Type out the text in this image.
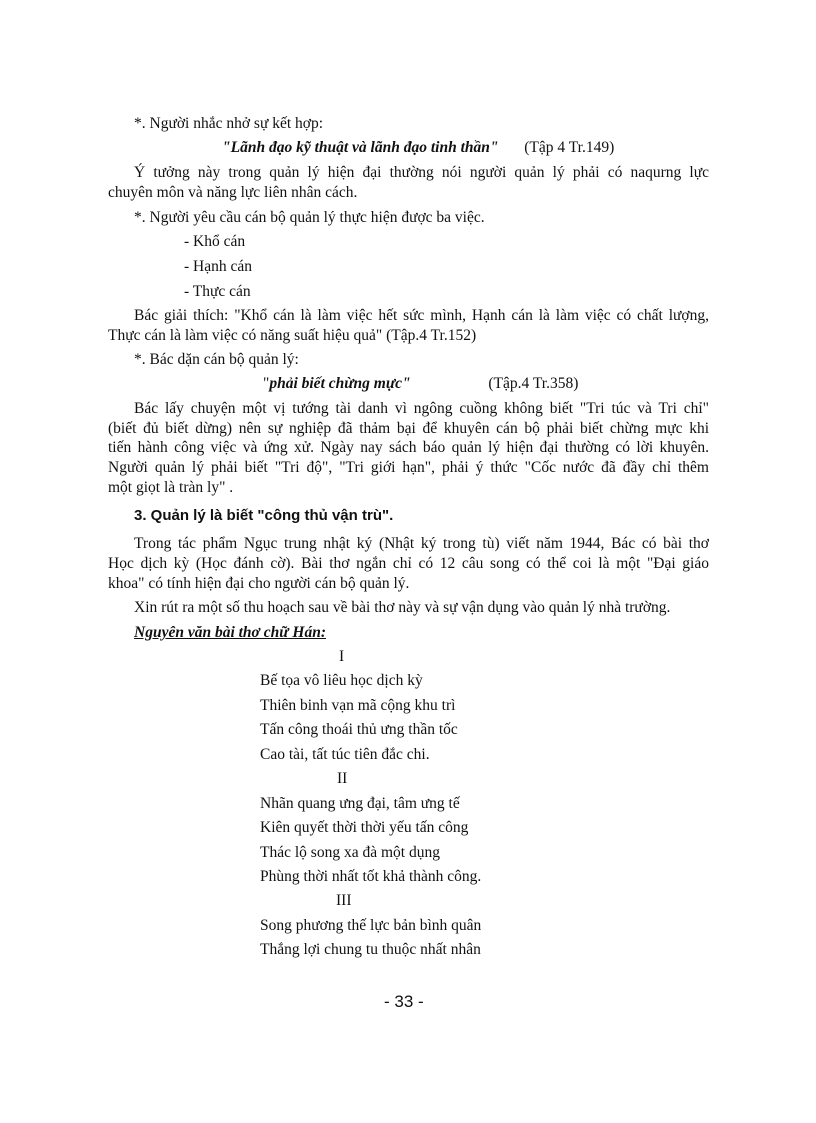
*. Người nhắc nhở sự kết hợp:
"Lãnh đạo kỹ thuật và lãnh đạo tinh thần" (Tập 4 Tr.149)
Ý tưởng này trong quản lý hiện đại thường nói người quản lý phải có naqurng lực
chuyên môn và năng lực liên nhân cách.
*. Người yêu cầu cán bộ quản lý thực hiện được ba việc.
- Khổ cán
- Hạnh cán
- Thực cán
Bác giải thích: "Khổ cán là làm việc hết sức mình, Hạnh cán là làm việc có chất lượng,
Thực cán là làm việc có năng suất hiệu quả" (Tập.4 Tr.152)
*. Bác dặn cán bộ quản lý:
"phải biết chừng mực"	(Tập.4 Tr.358)
Bác lấy chuyện một vị tướng tài danh vì ngông cuồng không biết "Tri túc và Tri chỉ"
(biết đủ biết dừng) nên sự nghiệp đã thảm bại để khuyên cán bộ phải biết chừng mực khi
tiến hành công việc và ứng xử. Ngày nay sách báo quản lý hiện đại thường có lời khuyên.
Người quản lý phải biết "Tri độ", "Tri giới hạn", phải ý thức "Cốc nước đã đầy chỉ thêm
một giọt là tràn ly" .
3. Quản lý là biết "công thủ vận trù".
Trong tác phẩm Ngục trung nhật ký (Nhật ký trong tù) viết năm 1944, Bác có bài thơ
Học dịch kỳ (Học đánh cờ). Bài thơ ngắn chỉ có 12 câu song có thể coi là một "Đại giáo
khoa" có tính hiện đại cho người cán bộ quản lý.
Xin rút ra một số thu hoạch sau về bài thơ này và sự vận dụng vào quản lý nhà trường.
Nguyên văn bài thơ chữ Hán:
I
Bế tọa vô liêu học dịch kỳ
Thiên binh vạn mã cộng khu trì
Tấn công thoái thủ ưng thần tốc
Cao tài, tất túc tiên đắc chi.
II
Nhãn quang ưng đại, tâm ưng tế
Kiên quyết thời thời yếu tấn công
Thác lộ song xa đà một dụng
Phùng thời nhất tốt khả thành công.
III
Song phương thế lực bản bình quân
Thắng lợi chung tu thuộc nhất nhân
- 33 -
